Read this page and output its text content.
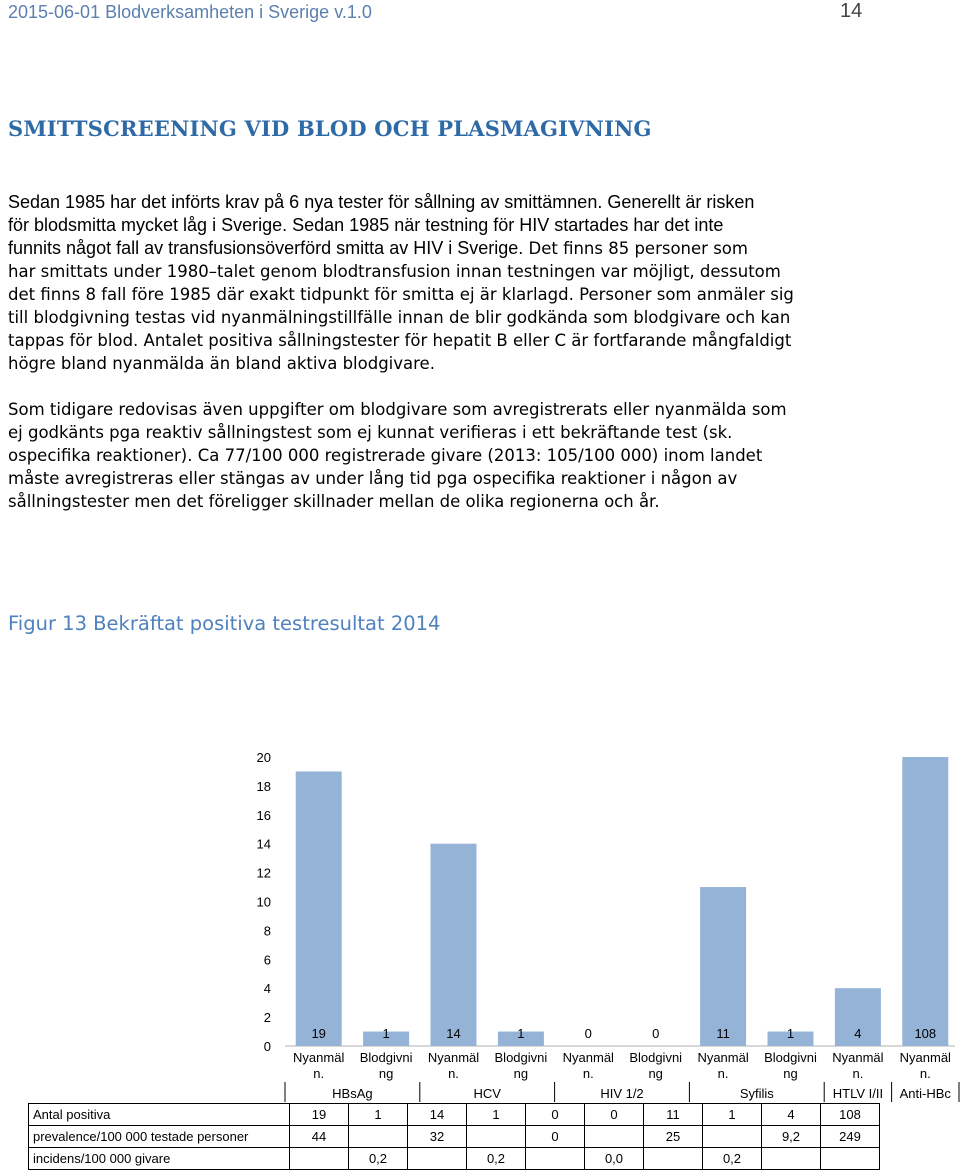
2015-06-01 Blodverksamheten i Sverige v.1.0	14
SMITTSCREENING VID BLOD OCH PLASMAGIVNING
Sedan 1985 har det införts krav på 6 nya tester för sållning av smittämnen. Generellt är risken
för blodsmitta mycket låg i Sverige. Sedan 1985 när testning för HIV startades har det inte
funnits något fall av transfusionsöverförd smitta av HIV i Sverige. Det finns 85 personer som
har smittats under 1980–talet genom blodtransfusion innan testningen var möjligt, dessutom
det finns 8 fall före 1985 där exakt tidpunkt för smitta ej är klarlagd. Personer som anmäler sig
till blodgivning testas vid nyanmälningstillfälle innan de blir godkända som blodgivare och kan
tappas för blod. Antalet positiva sållningstester för hepatit B eller C är fortfarande mångfaldigt
högre bland nyanmälda än bland aktiva blodgivare.
Som tidigare redovisas även uppgifter om blodgivare som avregistrerats eller nyanmälda som
ej godkänts pga reaktiv sållningstest som ej kunnat verifieras i ett bekräftande test (sk.
ospecifika reaktioner). Ca 77/100 000 registrerade givare (2013: 105/100 000) inom landet
måste avregistreras eller stängas av under lång tid pga ospecifika reaktioner i någon av
sållningstester men det föreligger skillnader mellan de olika regionerna och år.
Figur 13 Bekräftat positiva testresultat 2014
0
2
4
6
8
10
12
14
16
18
20
19
Nyanmäl
n.
1
Blodgivni
ng
14
Nyanmäl
n.
1
Blodgivni
ng
0
Nyanmäl
n.
0
Blodgivni
ng
11
Nyanmäl
n.
1
Blodgivni
ng
4
Nyanmäl
n.
108
Nyanmäl
n.
HBsAg	HCV	HIV 1/2	Syfilis	HTLV I/II Anti-HBc
Antal positiva	19	1	14	1	0	0	11	1	4	108
prevalence/100 000 testade personer	44		32		0		25		9,2	249
incidens/100 000 givare		0,2		0,2		0,0		0,2		
